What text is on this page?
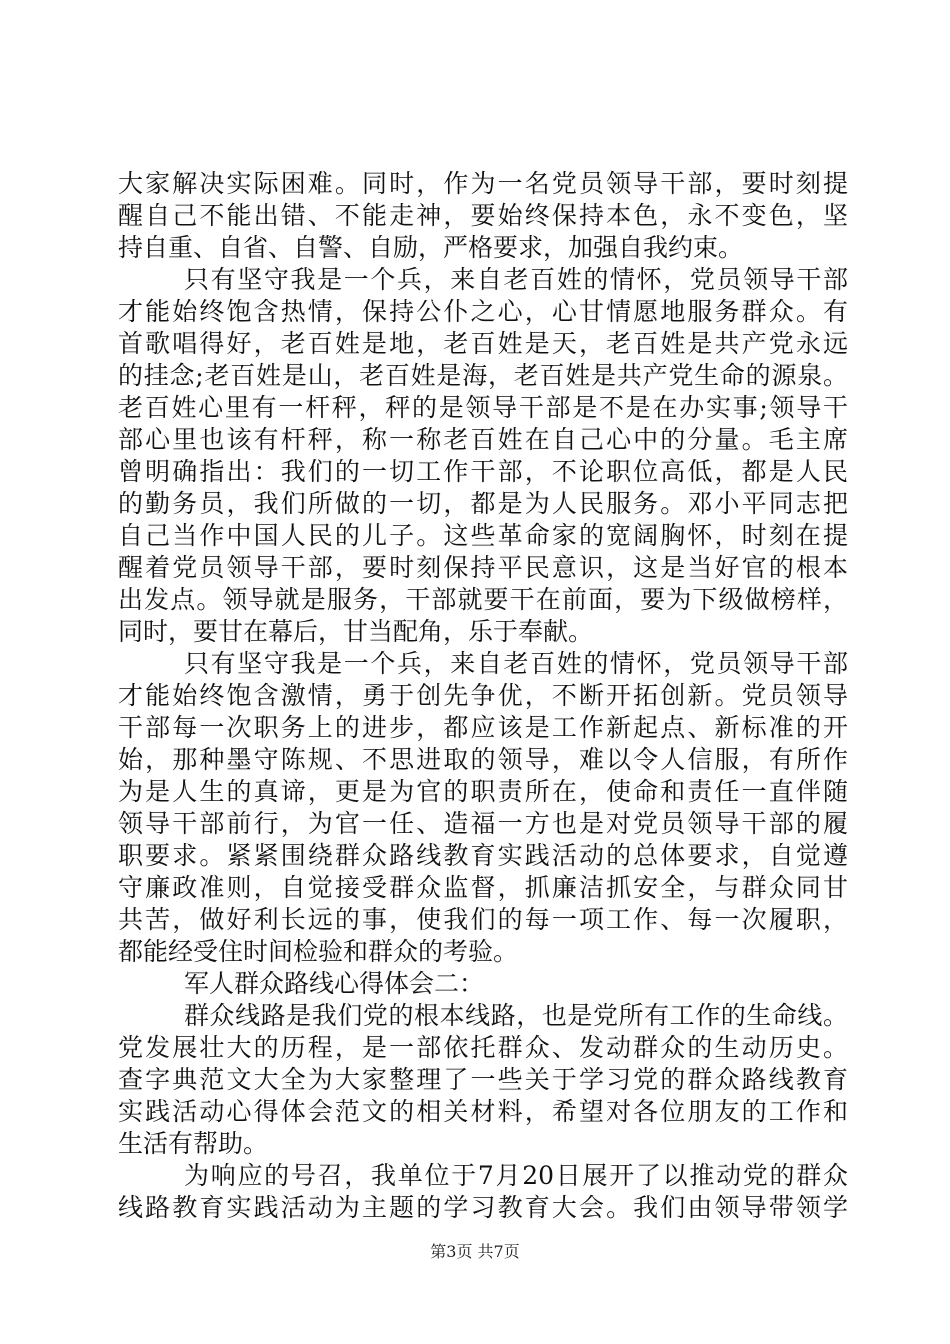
大家解决实际困难。同时，作为一名党员领导干部，要时刻提
醒自己不能出错、不能走神，要始终保持本色，永不变色，坚
持自重、自省、自警、自励，严格要求，加强自我约束。
只有坚守我是一个兵，来自老百姓的情怀，党员领导干部
才能始终饱含热情，保持公仆之心，心甘情愿地服务群众。有
首歌唱得好，老百姓是地，老百姓是天，老百姓是共产党永远
的挂念;老百姓是山，老百姓是海，老百姓是共产党生命的源泉。
老百姓心里有一杆秤，秤的是领导干部是不是在办实事;领导干
部心里也该有杆秤，称一称老百姓在自己心中的分量。毛主席
曾明确指出：我们的一切工作干部，不论职位高低，都是人民
的勤务员，我们所做的一切，都是为人民服务。邓小平同志把
自己当作中国人民的儿子。这些革命家的宽阔胸怀，时刻在提
醒着党员领导干部，要时刻保持平民意识，这是当好官的根本
出发点。领导就是服务，干部就要干在前面，要为下级做榜样，
同时，要甘在幕后，甘当配角，乐于奉献。
只有坚守我是一个兵，来自老百姓的情怀，党员领导干部
才能始终饱含激情，勇于创先争优，不断开拓创新。党员领导
干部每一次职务上的进步，都应该是工作新起点、新标准的开
始，那种墨守陈规、不思进取的领导，难以令人信服，有所作
为是人生的真谛，更是为官的职责所在，使命和责任一直伴随
领导干部前行，为官一任、造福一方也是对党员领导干部的履
职要求。紧紧围绕群众路线教育实践活动的总体要求，自觉遵
守廉政准则，自觉接受群众监督，抓廉洁抓安全，与群众同甘
共苦，做好利长远的事，使我们的每一项工作、每一次履职，
都能经受住时间检验和群众的考验。
军人群众路线心得体会二：
群众线路是我们党的根本线路，也是党所有工作的生命线。
党发展壮大的历程，是一部依托群众、发动群众的生动历史。
查字典范文大全为大家整理了一些关于学习党的群众路线教育
实践活动心得体会范文的相关材料，希望对各位朋友的工作和
生活有帮助。
为响应的号召，我单位于7月20日展开了以推动党的群众
线路教育实践活动为主题的学习教育大会。我们由领导带领学
第3页 共7页
